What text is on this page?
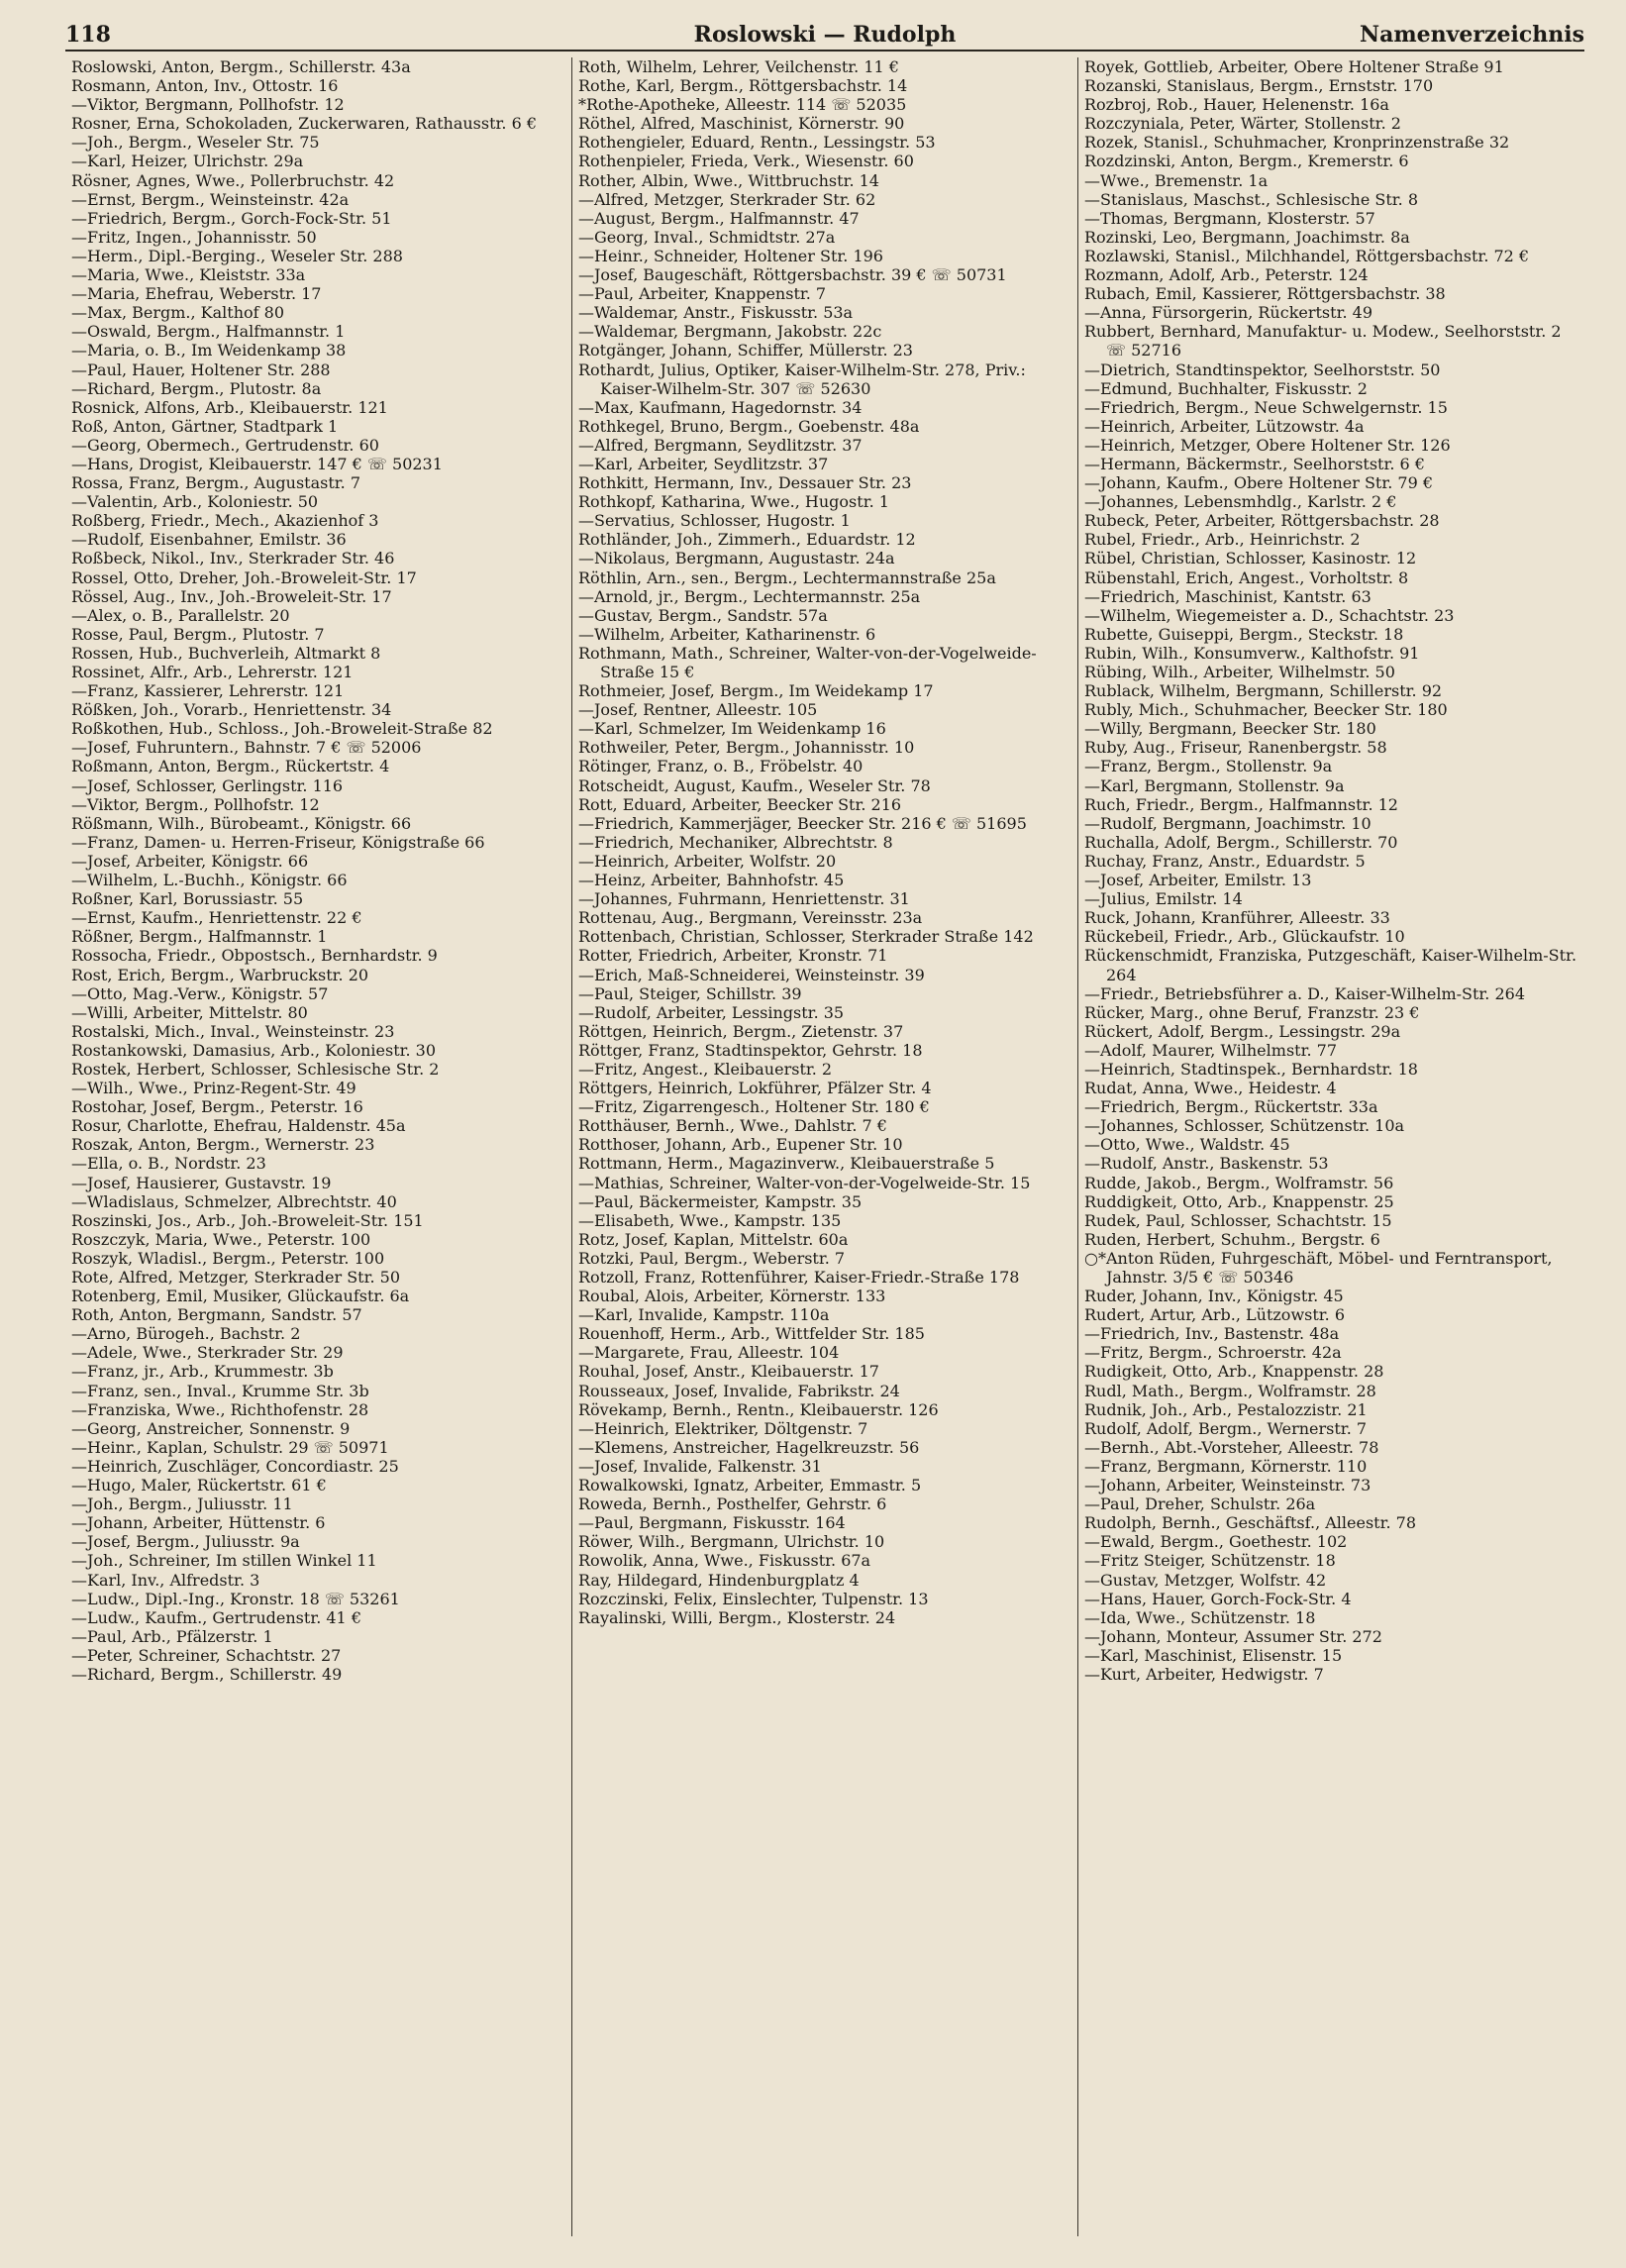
118	Roslowski — Rudolph	Namenverzeichnis
Roslowski, Anton, Bergm., Schillerstr. 43a
Rosmann, Anton, Inv., Ottostr. 16
—Viktor, Bergmann, Pollhofstr. 12
Rosner, Erna, Schokoladen, Zuckerwaren, Rathausstr. 6 €
—Joh., Bergm., Weseler Str. 75
—Karl, Heizer, Ulrichstr. 29a
Rösner, Agnes, Wwe., Pollerbruchstr. 42
—Ernst, Bergm., Weinsteinstr. 42a
—Friedrich, Bergm., Gorch-Fock-Str. 51
—Fritz, Ingen., Johannisstr. 50
—Herm., Dipl.-Berging., Weseler Str. 288
—Maria, Wwe., Kleiststr. 33a
—Maria, Ehefrau, Weberstr. 17
—Max, Bergm., Kalthof 80
—Oswald, Bergm., Halfmannstr. 1
—Maria, o. B., Im Weidenkamp 38
—Paul, Hauer, Holtener Str. 288
—Richard, Bergm., Plutostr. 8a
Rosnick, Alfons, Arb., Kleibauerstr. 121
Roß, Anton, Gärtner, Stadtpark 1
—Georg, Obermech., Gertrudenstr. 60
—Hans, Drogist, Kleibauerstr. 147 € ☏ 50231
Rossa, Franz, Bergm., Augustastr. 7
—Valentin, Arb., Koloniestr. 50
Roßberg, Friedr., Mech., Akazienhof 3
—Rudolf, Eisenbahner, Emilstr. 36
Roßbeck, Nikol., Inv., Sterkrader Str. 46
Rossel, Otto, Dreher, Joh.-Broweleit-Str. 17
Rössel, Aug., Inv., Joh.-Broweleit-Str. 17
—Alex, o. B., Parallelstr. 20
Rosse, Paul, Bergm., Plutostr. 7
Rossen, Hub., Buchverleih, Altmarkt 8
Rossinet, Alfr., Arb., Lehrerstr. 121
—Franz, Kassierer, Lehrerstr. 121
Rößken, Joh., Vorarb., Henriettenstr. 34
Roßkothen, Hub., Schloss., Joh.-Broweleit-Straße 82
—Josef, Fuhruntern., Bahnstr. 7 € ☏ 52006
Roßmann, Anton, Bergm., Rückertstr. 4
—Josef, Schlosser, Gerlingstr. 116
—Viktor, Bergm., Pollhofstr. 12
Rößmann, Wilh., Bürobeamt., Königstr. 66
—Franz, Damen- u. Herren-Friseur, Königstraße 66
—Josef, Arbeiter, Königstr. 66
—Wilhelm, L.-Buchh., Königstr. 66
Roßner, Karl, Borussiastr. 55
—Ernst, Kaufm., Henriettenstr. 22 €
Rößner, Bergm., Halfmannstr. 1
Rossocha, Friedr., Obpostsch., Bernhardstr. 9
Rost, Erich, Bergm., Warbruckstr. 20
—Otto, Mag.-Verw., Königstr. 57
—Willi, Arbeiter, Mittelstr. 80
Rostalski, Mich., Inval., Weinsteinstr. 23
Rostankowski, Damasius, Arb., Koloniestr. 30
Rostek, Herbert, Schlosser, Schlesische Str. 2
—Wilh., Wwe., Prinz-Regent-Str. 49
Rostohar, Josef, Bergm., Peterstr. 16
Rosur, Charlotte, Ehefrau, Haldenstr. 45a
Roszak, Anton, Bergm., Wernerstr. 23
—Ella, o. B., Nordstr. 23
—Josef, Hausierer, Gustavstr. 19
—Wladislaus, Schmelzer, Albrechtstr. 40
Roszinski, Jos., Arb., Joh.-Broweleit-Str. 151
Roszczyk, Maria, Wwe., Peterstr. 100
Roszyk, Wladisl., Bergm., Peterstr. 100
Rote, Alfred, Metzger, Sterkrader Str. 50
Rotenberg, Emil, Musiker, Glückaufstr. 6a
Roth, Anton, Bergmann, Sandstr. 57
—Arno, Bürogeh., Bachstr. 2
—Adele, Wwe., Sterkrader Str. 29
—Franz, jr., Arb., Krummestr. 3b
—Franz, sen., Inval., Krumme Str. 3b
—Franziska, Wwe., Richthofenstr. 28
—Georg, Anstreicher, Sonnenstr. 9
—Heinr., Kaplan, Schulstr. 29 ☏ 50971
—Heinrich, Zuschläger, Concordiastr. 25
—Hugo, Maler, Rückertstr. 61 €
—Joh., Bergm., Juliusstr. 11
—Johann, Arbeiter, Hüttenstr. 6
—Josef, Bergm., Juliusstr. 9a
—Joh., Schreiner, Im stillen Winkel 11
—Karl, Inv., Alfredstr. 3
—Ludw., Dipl.-Ing., Kronstr. 18 ☏ 53261
—Ludw., Kaufm., Gertrudenstr. 41 €
—Paul, Arb., Pfälzerstr. 1
—Peter, Schreiner, Schachtstr. 27
—Richard, Bergm., Schillerstr. 49
Roth, Wilhelm, Lehrer, Veilchenstr. 11 €
Rothe, Karl, Bergm., Röttgersbachstr. 14
*Rothe-Apotheke, Alleestr. 114 ☏ 52035
Röthel, Alfred, Maschinist, Körnerstr. 90
Rothengieler, Eduard, Rentn., Lessingstr. 53
Rothenpieler, Frieda, Verk., Wiesenstr. 60
Rother, Albin, Wwe., Wittbruchstr. 14
—Alfred, Metzger, Sterkrader Str. 62
—August, Bergm., Halfmannstr. 47
—Georg, Inval., Schmidtstr. 27a
—Heinr., Schneider, Holtener Str. 196
—Josef, Baugeschäft, Röttgersbachstr. 39 € ☏ 50731
—Paul, Arbeiter, Knappenstr. 7
—Waldemar, Anstr., Fiskusstr. 53a
—Waldemar, Bergmann, Jakobstr. 22c
Rotgänger, Johann, Schiffer, Müllerstr. 23
Rothardt, Julius, Optiker, Kaiser-Wilhelm-Str. 278, Priv.: Kaiser-Wilhelm-Str. 307 ☏ 52630
—Max, Kaufmann, Hagedornstr. 34
Rothkegel, Bruno, Bergm., Goebenstr. 48a
—Alfred, Bergmann, Seydlitzstr. 37
—Karl, Arbeiter, Seydlitzstr. 37
Rothkitt, Hermann, Inv., Dessauer Str. 23
Rothkopf, Katharina, Wwe., Hugostr. 1
—Servatius, Schlosser, Hugostr. 1
Rothländer, Joh., Zimmerh., Eduardstr. 12
—Nikolaus, Bergmann, Augustastr. 24a
Röthlin, Arn., sen., Bergm., Lechtermannstraße 25a
—Arnold, jr., Bergm., Lechtermannstr. 25a
—Gustav, Bergm., Sandstr. 57a
—Wilhelm, Arbeiter, Katharinenstr. 6
Rothmann, Math., Schreiner, Walter-von-der-Vogelweide-Straße 15 €
Rothmeier, Josef, Bergm., Im Weidekamp 17
—Josef, Rentner, Alleestr. 105
—Karl, Schmelzer, Im Weidenkamp 16
Rothweiler, Peter, Bergm., Johannisstr. 10
Rötinger, Franz, o. B., Fröbelstr. 40
Rotscheidt, August, Kaufm., Weseler Str. 78
Rott, Eduard, Arbeiter, Beecker Str. 216
—Friedrich, Kammerjäger, Beecker Str. 216 € ☏ 51695
—Friedrich, Mechaniker, Albrechtstr. 8
—Heinrich, Arbeiter, Wolfstr. 20
—Heinz, Arbeiter, Bahnhofstr. 45
—Johannes, Fuhrmann, Henriettenstr. 31
Rottenau, Aug., Bergmann, Vereinsstr. 23a
Rottenbach, Christian, Schlosser, Sterkrader Straße 142
Rotter, Friedrich, Arbeiter, Kronstr. 71
—Erich, Maß-Schneiderei, Weinsteinstr. 39
—Paul, Steiger, Schillstr. 39
—Rudolf, Arbeiter, Lessingstr. 35
Röttgen, Heinrich, Bergm., Zietenstr. 37
Röttger, Franz, Stadtinspektor, Gehrstr. 18
—Fritz, Angest., Kleibauerstr. 2
Röttgers, Heinrich, Lokführer, Pfälzer Str. 4
—Fritz, Zigarrengesch., Holtener Str. 180 €
Rotthäuser, Bernh., Wwe., Dahlstr. 7 €
Rotthoser, Johann, Arb., Eupener Str. 10
Rottmann, Herm., Magazinverw., Kleibauerstraße 5
—Mathias, Schreiner, Walter-von-der-Vogelweide-Str. 15
—Paul, Bäckermeister, Kampstr. 35
—Elisabeth, Wwe., Kampstr. 135
Rotz, Josef, Kaplan, Mittelstr. 60a
Rotzki, Paul, Bergm., Weberstr. 7
Rotzoll, Franz, Rottenführer, Kaiser-Friedr.-Straße 178
Roubal, Alois, Arbeiter, Körnerstr. 133
—Karl, Invalide, Kampstr. 110a
Rouenhoff, Herm., Arb., Wittfelder Str. 185
—Margarete, Frau, Alleestr. 104
Rouhal, Josef, Anstr., Kleibauerstr. 17
Rousseaux, Josef, Invalide, Fabrikstr. 24
Rövekamp, Bernh., Rentn., Kleibauerstr. 126
—Heinrich, Elektriker, Döltgenstr. 7
—Klemens, Anstreicher, Hagelkreuzstr. 56
—Josef, Invalide, Falkenstr. 31
Rowalkowski, Ignatz, Arbeiter, Emmastr. 5
Roweda, Bernh., Posthelfer, Gehrstr. 6
—Paul, Bergmann, Fiskusstr. 164
Röwer, Wilh., Bergmann, Ulrichstr. 10
Rowolik, Anna, Wwe., Fiskusstr. 67a
Ray, Hildegard, Hindenburgplatz 4
Rozczinski, Felix, Einslechter, Tulpenstr. 13
Rayalinski, Willi, Bergm., Klosterstr. 24
Royek, Gottlieb, Arbeiter, Obere Holtener Straße 91
Rozanski, Stanislaus, Bergm., Ernststr. 170
Rozbroj, Rob., Hauer, Helenenstr. 16a
Rozczyniala, Peter, Wärter, Stollenstr. 2
Rozek, Stanisl., Schuhmacher, Kronprinzenstraße 32
Rozdzinski, Anton, Bergm., Kremerstr. 6
—Wwe., Bremenstr. 1a
—Stanislaus, Maschst., Schlesische Str. 8
—Thomas, Bergmann, Klosterstr. 57
Rozinski, Leo, Bergmann, Joachimstr. 8a
Rozlawski, Stanisl., Milchhandel, Röttgersbachstr. 72 €
Rozmann, Adolf, Arb., Peterstr. 124
Rubach, Emil, Kassierer, Röttgersbachstr. 38
—Anna, Fürsorgerin, Rückertstr. 49
Rubbert, Bernhard, Manufaktur- u. Modew., Seelhorststr. 2 ☏ 52716
—Dietrich, Standtinspektor, Seelhorststr. 50
—Edmund, Buchhalter, Fiskusstr. 2
—Friedrich, Bergm., Neue Schwelgernstr. 15
—Heinrich, Arbeiter, Lützowstr. 4a
—Heinrich, Metzger, Obere Holtener Str. 126
—Hermann, Bäckermstr., Seelhorststr. 6 €
—Johann, Kaufm., Obere Holtener Str. 79 €
—Johannes, Lebensmhdlg., Karlstr. 2 €
Rubeck, Peter, Arbeiter, Röttgersbachstr. 28
Rubel, Friedr., Arb., Heinrichstr. 2
Rübel, Christian, Schlosser, Kasinostr. 12
Rübenstahl, Erich, Angest., Vorholtstr. 8
—Friedrich, Maschinist, Kantstr. 63
—Wilhelm, Wiegemeister a. D., Schachtstr. 23
Rubette, Guiseppi, Bergm., Steckstr. 18
Rubin, Wilh., Konsumverw., Kalthofstr. 91
Rübing, Wilh., Arbeiter, Wilhelmstr. 50
Rublack, Wilhelm, Bergmann, Schillerstr. 92
Rubly, Mich., Schuhmacher, Beecker Str. 180
—Willy, Bergmann, Beecker Str. 180
Ruby, Aug., Friseur, Ranenbergstr. 58
—Franz, Bergm., Stollenstr. 9a
—Karl, Bergmann, Stollenstr. 9a
Ruch, Friedr., Bergm., Halfmannstr. 12
—Rudolf, Bergmann, Joachimstr. 10
Ruchalla, Adolf, Bergm., Schillerstr. 70
Ruchay, Franz, Anstr., Eduardstr. 5
—Josef, Arbeiter, Emilstr. 13
—Julius, Emilstr. 14
Ruck, Johann, Kranführer, Alleestr. 33
Rückebeil, Friedr., Arb., Glückaufstr. 10
Rückenschmidt, Franziska, Putzgeschäft, Kaiser-Wilhelm-Str. 264
—Friedr., Betriebsführer a. D., Kaiser-Wilhelm-Str. 264
Rücker, Marg., ohne Beruf, Franzstr. 23 €
Rückert, Adolf, Bergm., Lessingstr. 29a
—Adolf, Maurer, Wilhelmstr. 77
—Heinrich, Stadtinspek., Bernhardstr. 18
Rudat, Anna, Wwe., Heidestr. 4
—Friedrich, Bergm., Rückertstr. 33a
—Johannes, Schlosser, Schützenstr. 10a
—Otto, Wwe., Waldstr. 45
—Rudolf, Anstr., Baskenstr. 53
Rudde, Jakob., Bergm., Wolframstr. 56
Ruddigkeit, Otto, Arb., Knappenstr. 25
Rudek, Paul, Schlosser, Schachtstr. 15
Ruden, Herbert, Schuhm., Bergstr. 6
○*Anton Rüden, Fuhrgeschäft, Möbel- und Ferntransport, Jahnstr. 3/5 € ☏ 50346
Ruder, Johann, Inv., Königstr. 45
Rudert, Artur, Arb., Lützowstr. 6
—Friedrich, Inv., Bastenstr. 48a
—Fritz, Bergm., Schroerstr. 42a
Rudigkeit, Otto, Arb., Knappenstr. 28
Rudl, Math., Bergm., Wolframstr. 28
Rudnik, Joh., Arb., Pestalozzistr. 21
Rudolf, Adolf, Bergm., Wernerstr. 7
—Bernh., Abt.-Vorsteher, Alleestr. 78
—Franz, Bergmann, Körnerstr. 110
—Johann, Arbeiter, Weinsteinstr. 73
—Paul, Dreher, Schulstr. 26a
Rudolph, Bernh., Geschäftsf., Alleestr. 78
—Ewald, Bergm., Goethestr. 102
—Fritz Steiger, Schützenstr. 18
—Gustav, Metzger, Wolfstr. 42
—Hans, Hauer, Gorch-Fock-Str. 4
—Ida, Wwe., Schützenstr. 18
—Johann, Monteur, Assumer Str. 272
—Karl, Maschinist, Elisenstr. 15
—Kurt, Arbeiter, Hedwigstr. 7
